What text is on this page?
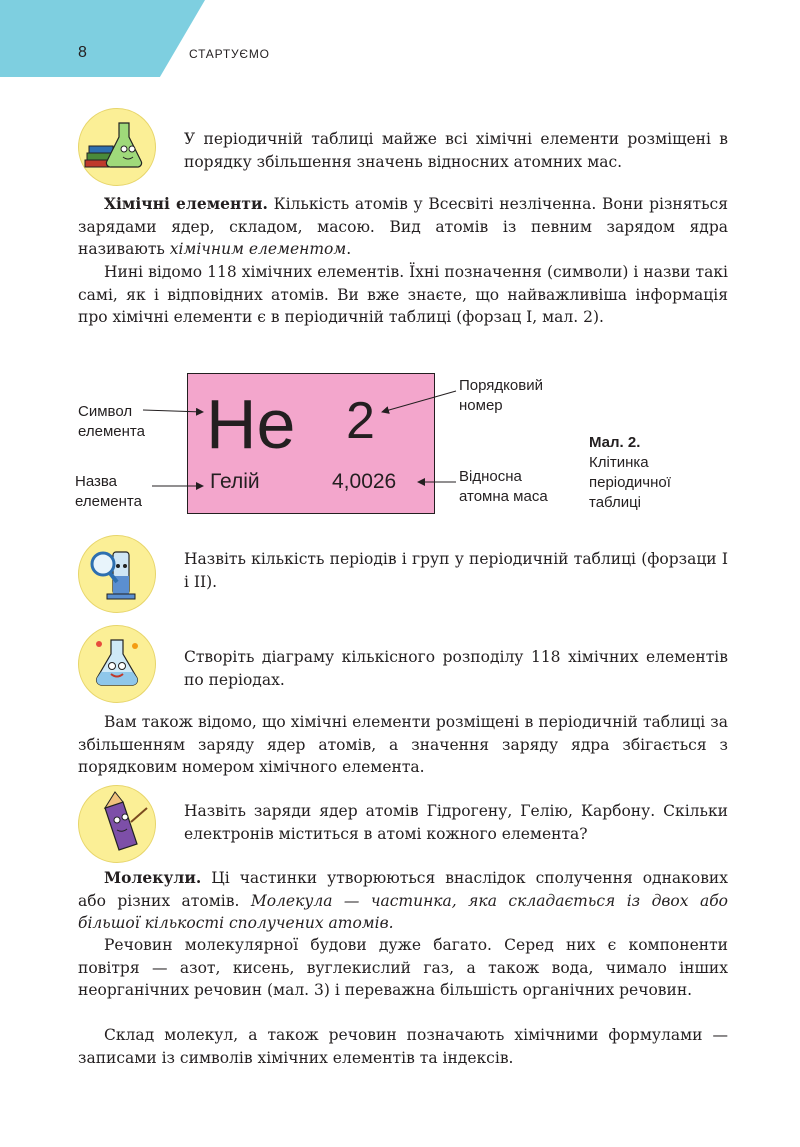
8	СТАРТУЄМО
У періодичній таблиці майже всі хімічні елементи розміщені в порядку збільшення значень відносних атомних мас.
Хімічні елементи. Кількість атомів у Всесвіті незліченна. Вони різняться зарядами ядер, складом, масою. Вид атомів із певним зарядом ядра називають хімічним елементом.
Нині відомо 118 хімічних елементів. Їхні позначення (символи) і назви такі самі, як і відповідних атомів. Ви вже знаєте, що найважливіша інформація про хімічні елементи є в періодичній таблиці (форзац І, мал. 2).
He 2
Гелій	4,0026
Символ
елемента
Назва
елемента
Порядковий
номер
Відносна
атомна маса
Мал. 2.
Клітинка
періодичної
таблиці
Назвіть кількість періодів і груп у періодичній таблиці (форзаци І і ІІ).
Створіть діаграму кількісного розподілу 118 хімічних елементів по періодах.
Вам також відомо, що хімічні елементи розміщені в періодичній таблиці за збільшенням заряду ядер атомів, а значення заряду ядра збігається з порядковим номером хімічного елемента.
Назвіть заряди ядер атомів Гідрогену, Гелію, Карбону. Скільки електронів міститься в атомі кожного елемента?
Молекули. Ці частинки утворюються внаслідок сполучення однакових або різних атомів. Молекула — частинка, яка складається із двох або більшої кількості сполучених атомів.
Речовин молекулярної будови дуже багато. Серед них є компоненти повітря — азот, кисень, вуглекислий газ, а також вода, чимало інших неорганічних речовин (мал. 3) і переважна більшість органічних речовин.
Склад молекул, а також речовин позначають хімічними формулами — записами із символів хімічних елементів та індексів.
